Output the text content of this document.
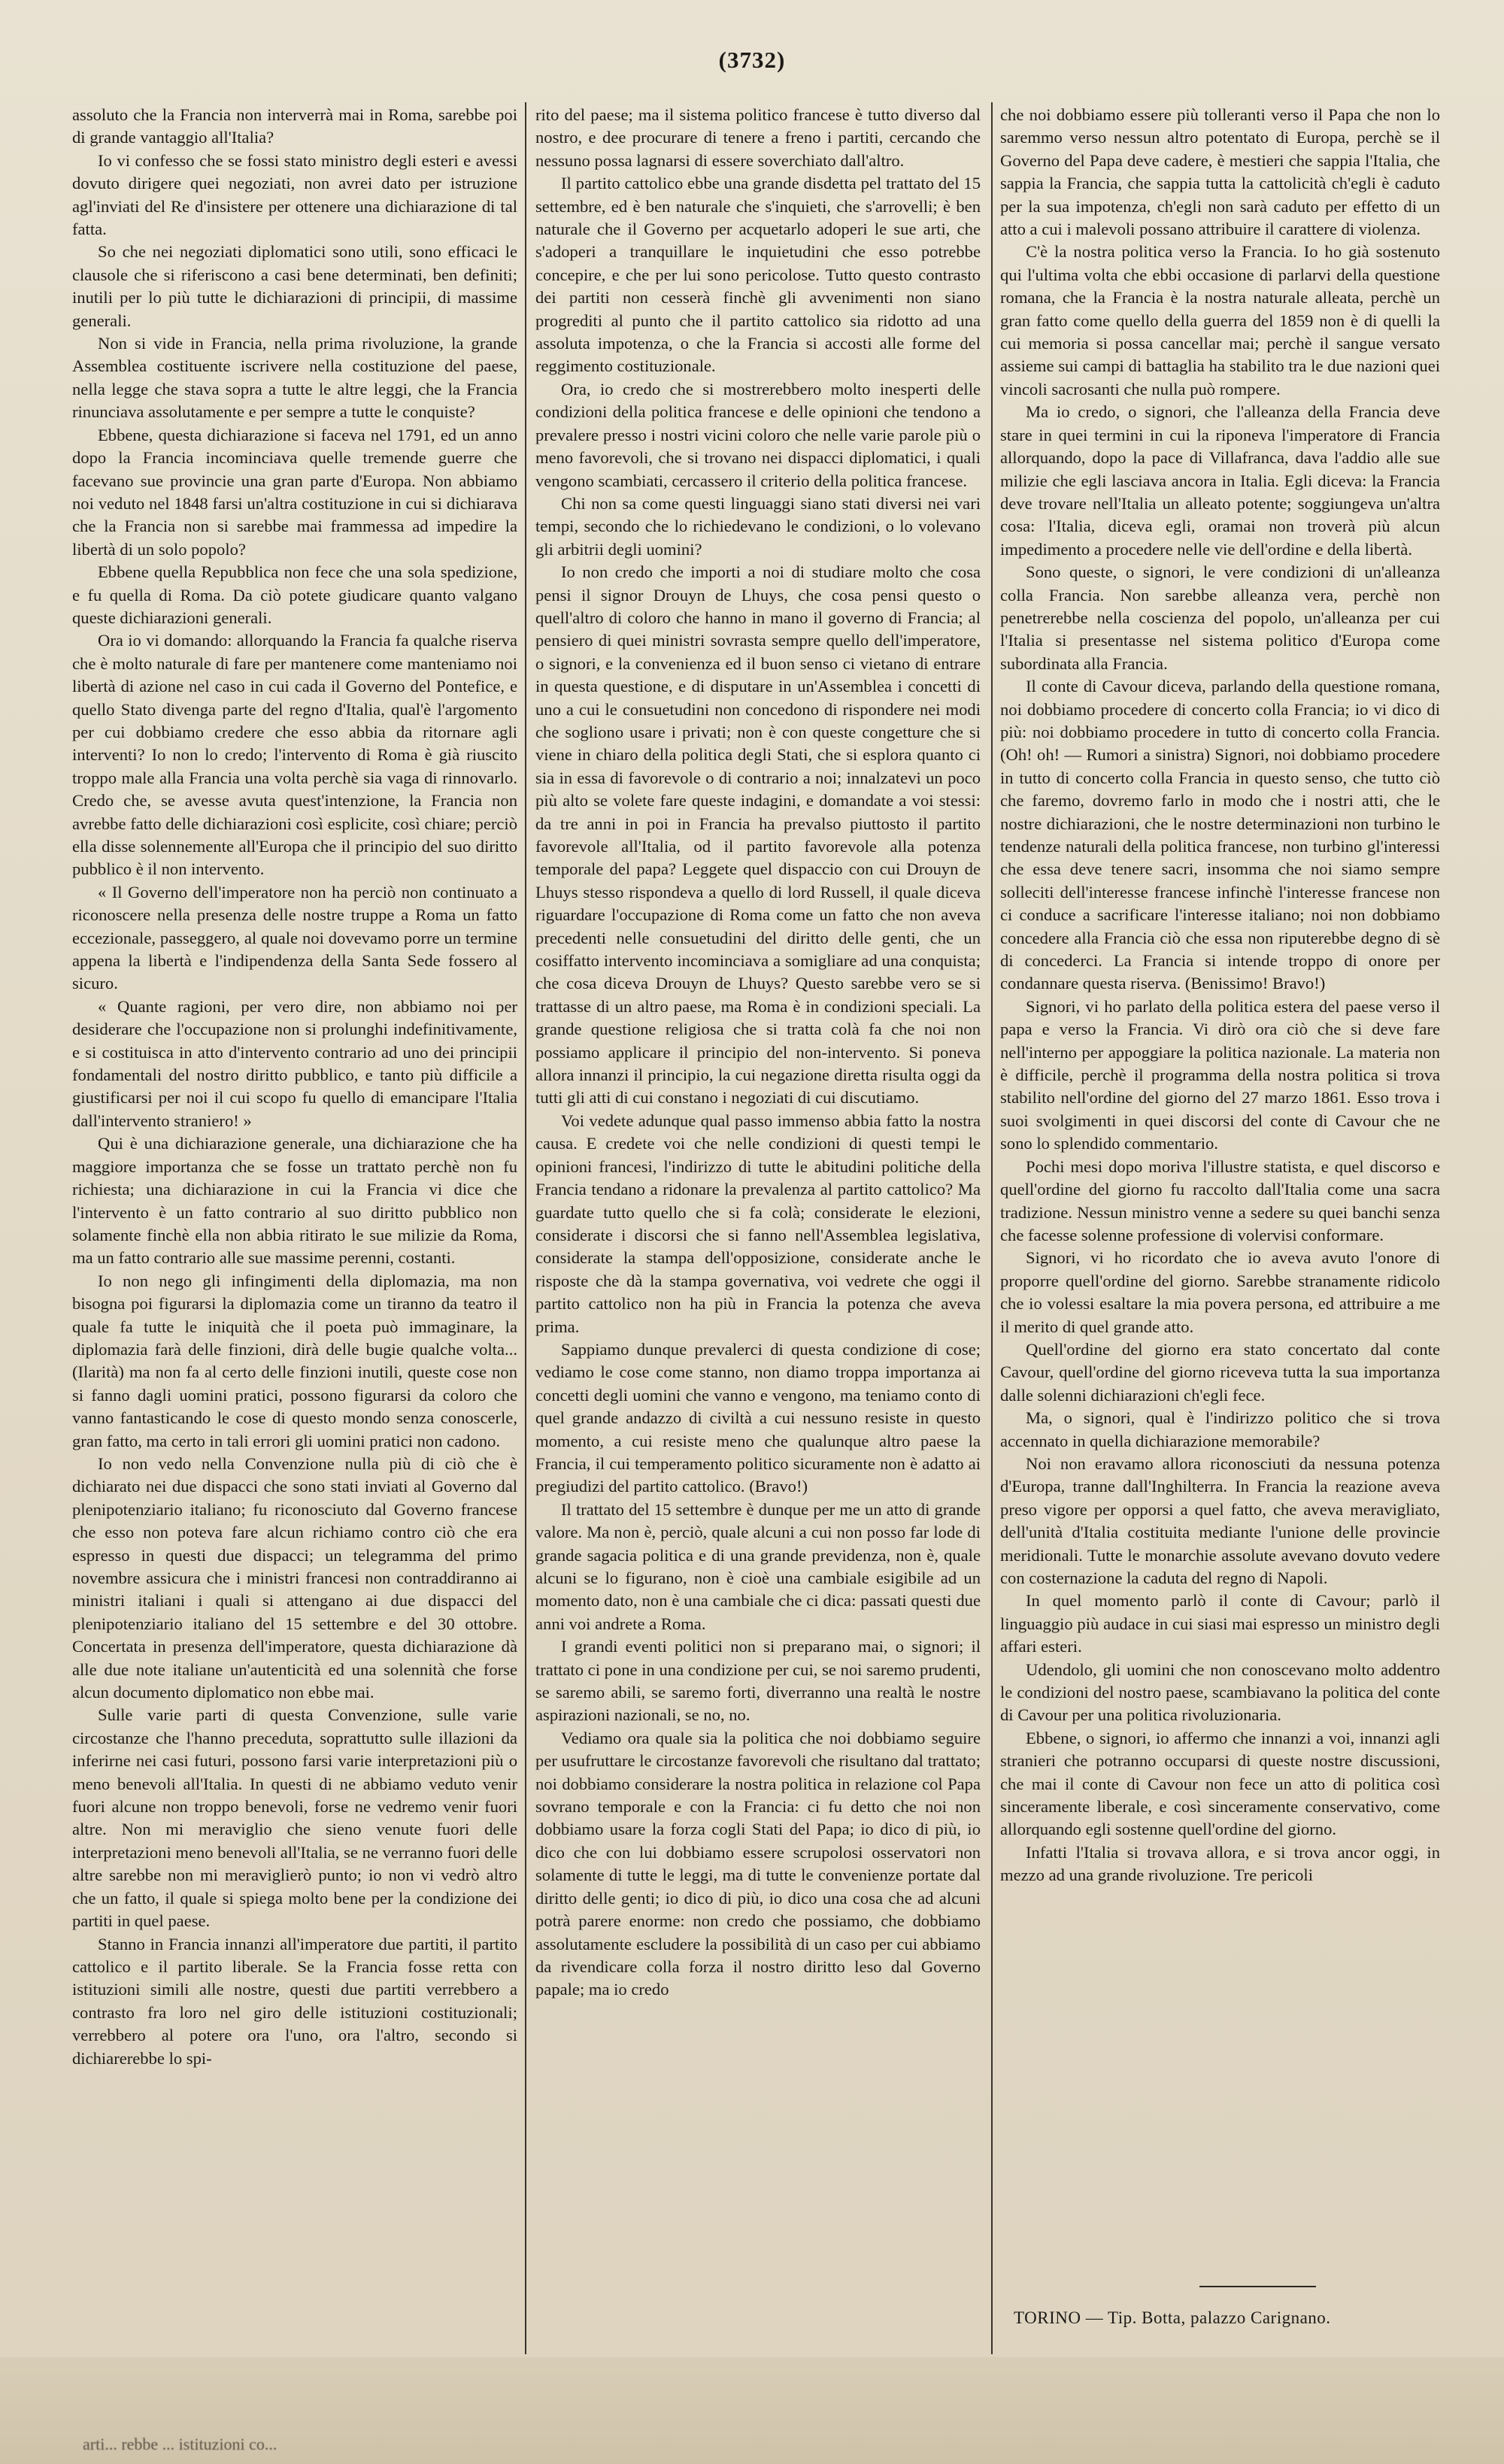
(3732)

assoluto che la Francia non interverrà mai in Roma, sarebbe poi di grande vantaggio all'Italia?

Io vi confesso che se fossi stato ministro degli esteri e avessi dovuto dirigere quei negoziati, non avrei dato per istruzione agl'inviati del Re d'insistere per ottenere una dichiarazione di tal fatta.

So che nei negoziati diplomatici sono utili, sono efficaci le clausole che si riferiscono a casi bene determinati, ben definiti; inutili per lo più tutte le dichiarazioni di principii, di massime generali.

Non si vide in Francia, nella prima rivoluzione, la grande Assemblea costituente iscrivere nella costituzione del paese, nella legge che stava sopra a tutte le altre leggi, che la Francia rinunciava assolutamente e per sempre a tutte le conquiste?

Ebbene, questa dichiarazione si faceva nel 1791, ed un anno dopo la Francia incominciava quelle tremende guerre che facevano sue provincie una gran parte d'Europa. Non abbiamo noi veduto nel 1848 farsi un'altra costituzione in cui si dichiarava che la Francia non si sarebbe mai frammessa ad impedire la libertà di un solo popolo?

Ebbene quella Repubblica non fece che una sola spedizione, e fu quella di Roma. Da ciò potete giudicare quanto valgano queste dichiarazioni generali.

Ora io vi domando: allorquando la Francia fa qualche riserva che è molto naturale di fare per mantenere come manteniamo noi libertà di azione nel caso in cui cada il Governo del Pontefice, e quello Stato divenga parte del regno d'Italia, qual'è l'argomento per cui dobbiamo credere che esso abbia da ritornare agli interventi? Io non lo credo; l'intervento di Roma è già riuscito troppo male alla Francia una volta perchè sia vaga di rinnovarlo. Credo che, se avesse avuta quest'intenzione, la Francia non avrebbe fatto delle dichiarazioni così esplicite, così chiare; perciò ella disse solennemente all'Europa che il principio del suo diritto pubblico è il non intervento.

« Il Governo dell'imperatore non ha perciò non continuato a riconoscere nella presenza delle nostre truppe a Roma un fatto eccezionale, passeggero, al quale noi dovevamo porre un termine appena la libertà e l'indipendenza della Santa Sede fossero al sicuro.

« Quante ragioni, per vero dire, non abbiamo noi per desiderare che l'occupazione non si prolunghi indefinitivamente, e si costituisca in atto d'intervento contrario ad uno dei principii fondamentali del nostro diritto pubblico, e tanto più difficile a giustificarsi per noi il cui scopo fu quello di emancipare l'Italia dall'intervento straniero! »

Qui è una dichiarazione generale, una dichiarazione che ha maggiore importanza che se fosse un trattato perchè non fu richiesta; una dichiarazione in cui la Francia vi dice che l'intervento è un fatto contrario al suo diritto pubblico non solamente finchè ella non abbia ritirato le sue milizie da Roma, ma un fatto contrario alle sue massime perenni, costanti.

Io non nego gli infingimenti della diplomazia, ma non bisogna poi figurarsi la diplomazia come un tiranno da teatro il quale fa tutte le iniquità che il poeta può immaginare, la diplomazia farà delle finzioni, dirà delle bugie qualche volta... (Ilarità) ma non fa al certo delle finzioni inutili, queste cose non si fanno dagli uomini pratici, possono figurarsi da coloro che vanno fantasticando le cose di questo mondo senza conoscerle, gran fatto, ma certo in tali errori gli uomini pratici non cadono.

Io non vedo nella Convenzione nulla più di ciò che è dichiarato nei due dispacci che sono stati inviati al Governo dal plenipotenziario italiano; fu riconosciuto dal Governo francese che esso non poteva fare alcun richiamo contro ciò che era espresso in questi due dispacci; un telegramma del primo novembre assicura che i ministri francesi non contraddiranno ai ministri italiani i quali si attengano ai due dispacci del plenipotenziario italiano del 15 settembre e del 30 ottobre. Concertata in presenza dell'imperatore, questa dichiarazione dà alle due note italiane un'autenticità ed una solennità che forse alcun documento diplomatico non ebbe mai.

Sulle varie parti di questa Convenzione, sulle varie circostanze che l'hanno preceduta, soprattutto sulle illazioni da inferirne nei casi futuri, possono farsi varie interpretazioni più o meno benevoli all'Italia. In questi di ne abbiamo veduto venir fuori alcune non troppo benevoli, forse ne vedremo venir fuori altre. Non mi meraviglio che sieno venute fuori delle interpretazioni meno benevoli all'Italia, se ne verranno fuori delle altre sarebbe non mi meraviglierò punto; io non vi vedrò altro che un fatto, il quale si spiega molto bene per la condizione dei partiti in quel paese.

Stanno in Francia innanzi all'imperatore due partiti, il partito cattolico e il partito liberale. Se la Francia fosse retta con istituzioni simili alle nostre, questi due partiti verrebbero a contrasto fra loro nel giro delle istituzioni costituzionali; verrebbero al potere ora l'uno, ora l'altro, secondo si dichiarerebbe lo spi-

rito del paese; ma il sistema politico francese è tutto diverso dal nostro, e dee procurare di tenere a freno i partiti, cercando che nessuno possa lagnarsi di essere soverchiato dall'altro.

Il partito cattolico ebbe una grande disdetta pel trattato del 15 settembre, ed è ben naturale che s'inquieti, che s'arrovelli; è ben naturale che il Governo per acquetarlo adoperi le sue arti, che s'adoperi a tranquillare le inquietudini che esso potrebbe concepire, e che per lui sono pericolose. Tutto questo contrasto dei partiti non cesserà finchè gli avvenimenti non siano progrediti al punto che il partito cattolico sia ridotto ad una assoluta impotenza, o che la Francia si accosti alle forme del reggimento costituzionale.

Ora, io credo che si mostrerebbero molto inesperti delle condizioni della politica francese e delle opinioni che tendono a prevalere presso i nostri vicini coloro che nelle varie parole più o meno favorevoli, che si trovano nei dispacci diplomatici, i quali vengono scambiati, cercassero il criterio della politica francese.

Chi non sa come questi linguaggi siano stati diversi nei vari tempi, secondo che lo richiedevano le condizioni, o lo volevano gli arbitrii degli uomini?

Io non credo che importi a noi di studiare molto che cosa pensi il signor Drouyn de Lhuys, che cosa pensi questo o quell'altro di coloro che hanno in mano il governo di Francia; al pensiero di quei ministri sovrasta sempre quello dell'imperatore, o signori, e la convenienza ed il buon senso ci vietano di entrare in questa questione, e di disputare in un'Assemblea i concetti di uno a cui le consuetudini non concedono di rispondere nei modi che sogliono usare i privati; non è con queste congetture che si viene in chiaro della politica degli Stati, che si esplora quanto ci sia in essa di favorevole o di contrario a noi; innalzatevi un poco più alto se volete fare queste indagini, e domandate a voi stessi: da tre anni in poi in Francia ha prevalso piuttosto il partito favorevole all'Italia, od il partito favorevole alla potenza temporale del papa? Leggete quel dispaccio con cui Drouyn de Lhuys stesso rispondeva a quello di lord Russell, il quale diceva riguardare l'occupazione di Roma come un fatto che non aveva precedenti nelle consuetudini del diritto delle genti, che un cosiffatto intervento incominciava a somigliare ad una conquista; che cosa diceva Drouyn de Lhuys? Questo sarebbe vero se si trattasse di un altro paese, ma Roma è in condizioni speciali. La grande questione religiosa che si tratta colà fa che noi non possiamo applicare il principio del non-intervento. Si poneva allora innanzi il principio, la cui negazione diretta risulta oggi da tutti gli atti di cui constano i negoziati di cui discutiamo.

Voi vedete adunque qual passo immenso abbia fatto la nostra causa. E credete voi che nelle condizioni di questi tempi le opinioni francesi, l'indirizzo di tutte le abitudini politiche della Francia tendano a ridonare la prevalenza al partito cattolico? Ma guardate tutto quello che si fa colà; considerate le elezioni, considerate i discorsi che si fanno nell'Assemblea legislativa, considerate la stampa dell'opposizione, considerate anche le risposte che dà la stampa governativa, voi vedrete che oggi il partito cattolico non ha più in Francia la potenza che aveva prima.

Sappiamo dunque prevalerci di questa condizione di cose; vediamo le cose come stanno, non diamo troppa importanza ai concetti degli uomini che vanno e vengono, ma teniamo conto di quel grande andazzo di civiltà a cui nessuno resiste in questo momento, a cui resiste meno che qualunque altro paese la Francia, il cui temperamento politico sicuramente non è adatto ai pregiudizi del partito cattolico. (Bravo!)

Il trattato del 15 settembre è dunque per me un atto di grande valore. Ma non è, perciò, quale alcuni a cui non posso far lode di grande sagacia politica e di una grande previdenza, non è, quale alcuni se lo figurano, non è cioè una cambiale esigibile ad un momento dato, non è una cambiale che ci dica: passati questi due anni voi andrete a Roma.

I grandi eventi politici non si preparano mai, o signori; il trattato ci pone in una condizione per cui, se noi saremo prudenti, se saremo abili, se saremo forti, diverranno una realtà le nostre aspirazioni nazionali, se no, no.

Vediamo ora quale sia la politica che noi dobbiamo seguire per usufruttare le circostanze favorevoli che risultano dal trattato; noi dobbiamo considerare la nostra politica in relazione col Papa sovrano temporale e con la Francia: ci fu detto che noi non dobbiamo usare la forza cogli Stati del Papa; io dico di più, io dico che con lui dobbiamo essere scrupolosi osservatori non solamente di tutte le leggi, ma di tutte le convenienze portate dal diritto delle genti; io dico di più, io dico una cosa che ad alcuni potrà parere enorme: non credo che possiamo, che dobbiamo assolutamente escludere la possibilità di un caso per cui abbiamo da rivendicare colla forza il nostro diritto leso dal Governo papale; ma io credo

che noi dobbiamo essere più tolleranti verso il Papa che non lo saremmo verso nessun altro potentato di Europa, perchè se il Governo del Papa deve cadere, è mestieri che sappia l'Italia, che sappia la Francia, che sappia tutta la cattolicità ch'egli è caduto per la sua impotenza, ch'egli non sarà caduto per effetto di un atto a cui i malevoli possano attribuire il carattere di violenza.

C'è la nostra politica verso la Francia. Io ho già sostenuto qui l'ultima volta che ebbi occasione di parlarvi della questione romana, che la Francia è la nostra naturale alleata, perchè un gran fatto come quello della guerra del 1859 non è di quelli la cui memoria si possa cancellar mai; perchè il sangue versato assieme sui campi di battaglia ha stabilito tra le due nazioni quei vincoli sacrosanti che nulla può rompere.

Ma io credo, o signori, che l'alleanza della Francia deve stare in quei termini in cui la riponeva l'imperatore di Francia allorquando, dopo la pace di Villafranca, dava l'addio alle sue milizie che egli lasciava ancora in Italia. Egli diceva: la Francia deve trovare nell'Italia un alleato potente; soggiungeva un'altra cosa: l'Italia, diceva egli, oramai non troverà più alcun impedimento a procedere nelle vie dell'ordine e della libertà.

Sono queste, o signori, le vere condizioni di un'alleanza colla Francia. Non sarebbe alleanza vera, perchè non penetrerebbe nella coscienza del popolo, un'alleanza per cui l'Italia si presentasse nel sistema politico d'Europa come subordinata alla Francia.

Il conte di Cavour diceva, parlando della questione romana, noi dobbiamo procedere di concerto colla Francia; io vi dico di più: noi dobbiamo procedere in tutto di concerto colla Francia. (Oh! oh! — Rumori a sinistra) Signori, noi dobbiamo procedere in tutto di concerto colla Francia in questo senso, che tutto ciò che faremo, dovremo farlo in modo che i nostri atti, che le nostre dichiarazioni, che le nostre determinazioni non turbino le tendenze naturali della politica francese, non turbino gl'interessi che essa deve tenere sacri, insomma che noi siamo sempre solleciti dell'interesse francese infinchè l'interesse francese non ci conduce a sacrificare l'interesse italiano; noi non dobbiamo concedere alla Francia ciò che essa non riputerebbe degno di sè di concederci. La Francia si intende troppo di onore per condannare questa riserva. (Benissimo! Bravo!)

Signori, vi ho parlato della politica estera del paese verso il papa e verso la Francia. Vi dirò ora ciò che si deve fare nell'interno per appoggiare la politica nazionale. La materia non è difficile, perchè il programma della nostra politica si trova stabilito nell'ordine del giorno del 27 marzo 1861. Esso trova i suoi svolgimenti in quei discorsi del conte di Cavour che ne sono lo splendido commentario.

Pochi mesi dopo moriva l'illustre statista, e quel discorso e quell'ordine del giorno fu raccolto dall'Italia come una sacra tradizione. Nessun ministro venne a sedere su quei banchi senza che facesse solenne professione di volervisi conformare.

Signori, vi ho ricordato che io aveva avuto l'onore di proporre quell'ordine del giorno. Sarebbe stranamente ridicolo che io volessi esaltare la mia povera persona, ed attribuire a me il merito di quel grande atto.

Quell'ordine del giorno era stato concertato dal conte Cavour, quell'ordine del giorno riceveva tutta la sua importanza dalle solenni dichiarazioni ch'egli fece.

Ma, o signori, qual è l'indirizzo politico che si trova accennato in quella dichiarazione memorabile?

Noi non eravamo allora riconosciuti da nessuna potenza d'Europa, tranne dall'Inghilterra. In Francia la reazione aveva preso vigore per opporsi a quel fatto, che aveva meravigliato, dell'unità d'Italia costituita mediante l'unione delle provincie meridionali. Tutte le monarchie assolute avevano dovuto vedere con costernazione la caduta del regno di Napoli.

In quel momento parlò il conte di Cavour; parlò il linguaggio più audace in cui siasi mai espresso un ministro degli affari esteri.

Udendolo, gli uomini che non conoscevano molto addentro le condizioni del nostro paese, scambiavano la politica del conte di Cavour per una politica rivoluzionaria.

Ebbene, o signori, io affermo che innanzi a voi, innanzi agli stranieri che potranno occuparsi di queste nostre discussioni, che mai il conte di Cavour non fece un atto di politica così sinceramente liberale, e così sinceramente conservativo, come allorquando egli sostenne quell'ordine del giorno.

Infatti l'Italia si trovava allora, e si trova ancor oggi, in mezzo ad una grande rivoluzione. Tre pericoli

TORINO — Tip. Botta, palazzo Carignano.
arti... rebbe ... istituzioni co...
